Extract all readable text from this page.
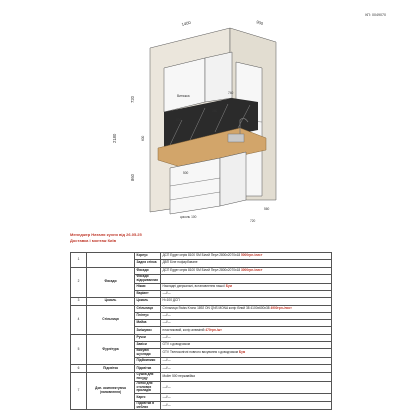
КП: 0049070
1400	900
720
2180	600
860
560
720
740
500
380
500
цоколь 100
Витяжка
Менеджер Наталя кухня від 26.05.25
Доставка і монтаж Київ
1		Корпус	ДСП Egger серія 8100 SM Білий Перл 2800х2070х18 5000грн./лист
		Задня стінка	ДВП Біле пофарбоване
2	Фасади	Фасади	ДСП Egger серія 8100 SM Білий Перл 2800х2070х18 3000грн./лист
		Фасади відкриванная	
		Ніжки	Накладні дзеркальні, встановлення нашої Бум
		Варіант	—//—
3	Цоколь	Цоколь	Н=100 ДСП
4	Стільниця	Стільниця	Стільниця Swiss Krono 1892 ON QNS MONA колір білий 38 4100х600х38 4900грн./лист
		Плінтус	—//—
		Мийка	—//—
		Змішувач	пластиковий, колір алюміній 470грн./шт
5	Фурнітура	Ручки	—//—
		Завіси	GTV з доводчиком
		Висувні шухляди	GTV Телескопічні повного висування з доводчиком Бум
		Підйомники	—//—
6	Підсвітка	Підсвітка	—//—
7	Доп. комплектуюча (наповнення)	Сушка для посуду	Muller 500 нержавійка
		Лоток для столових приладів	—//—
		Карго	—//—
		Підсвітка в меблях	—//—
